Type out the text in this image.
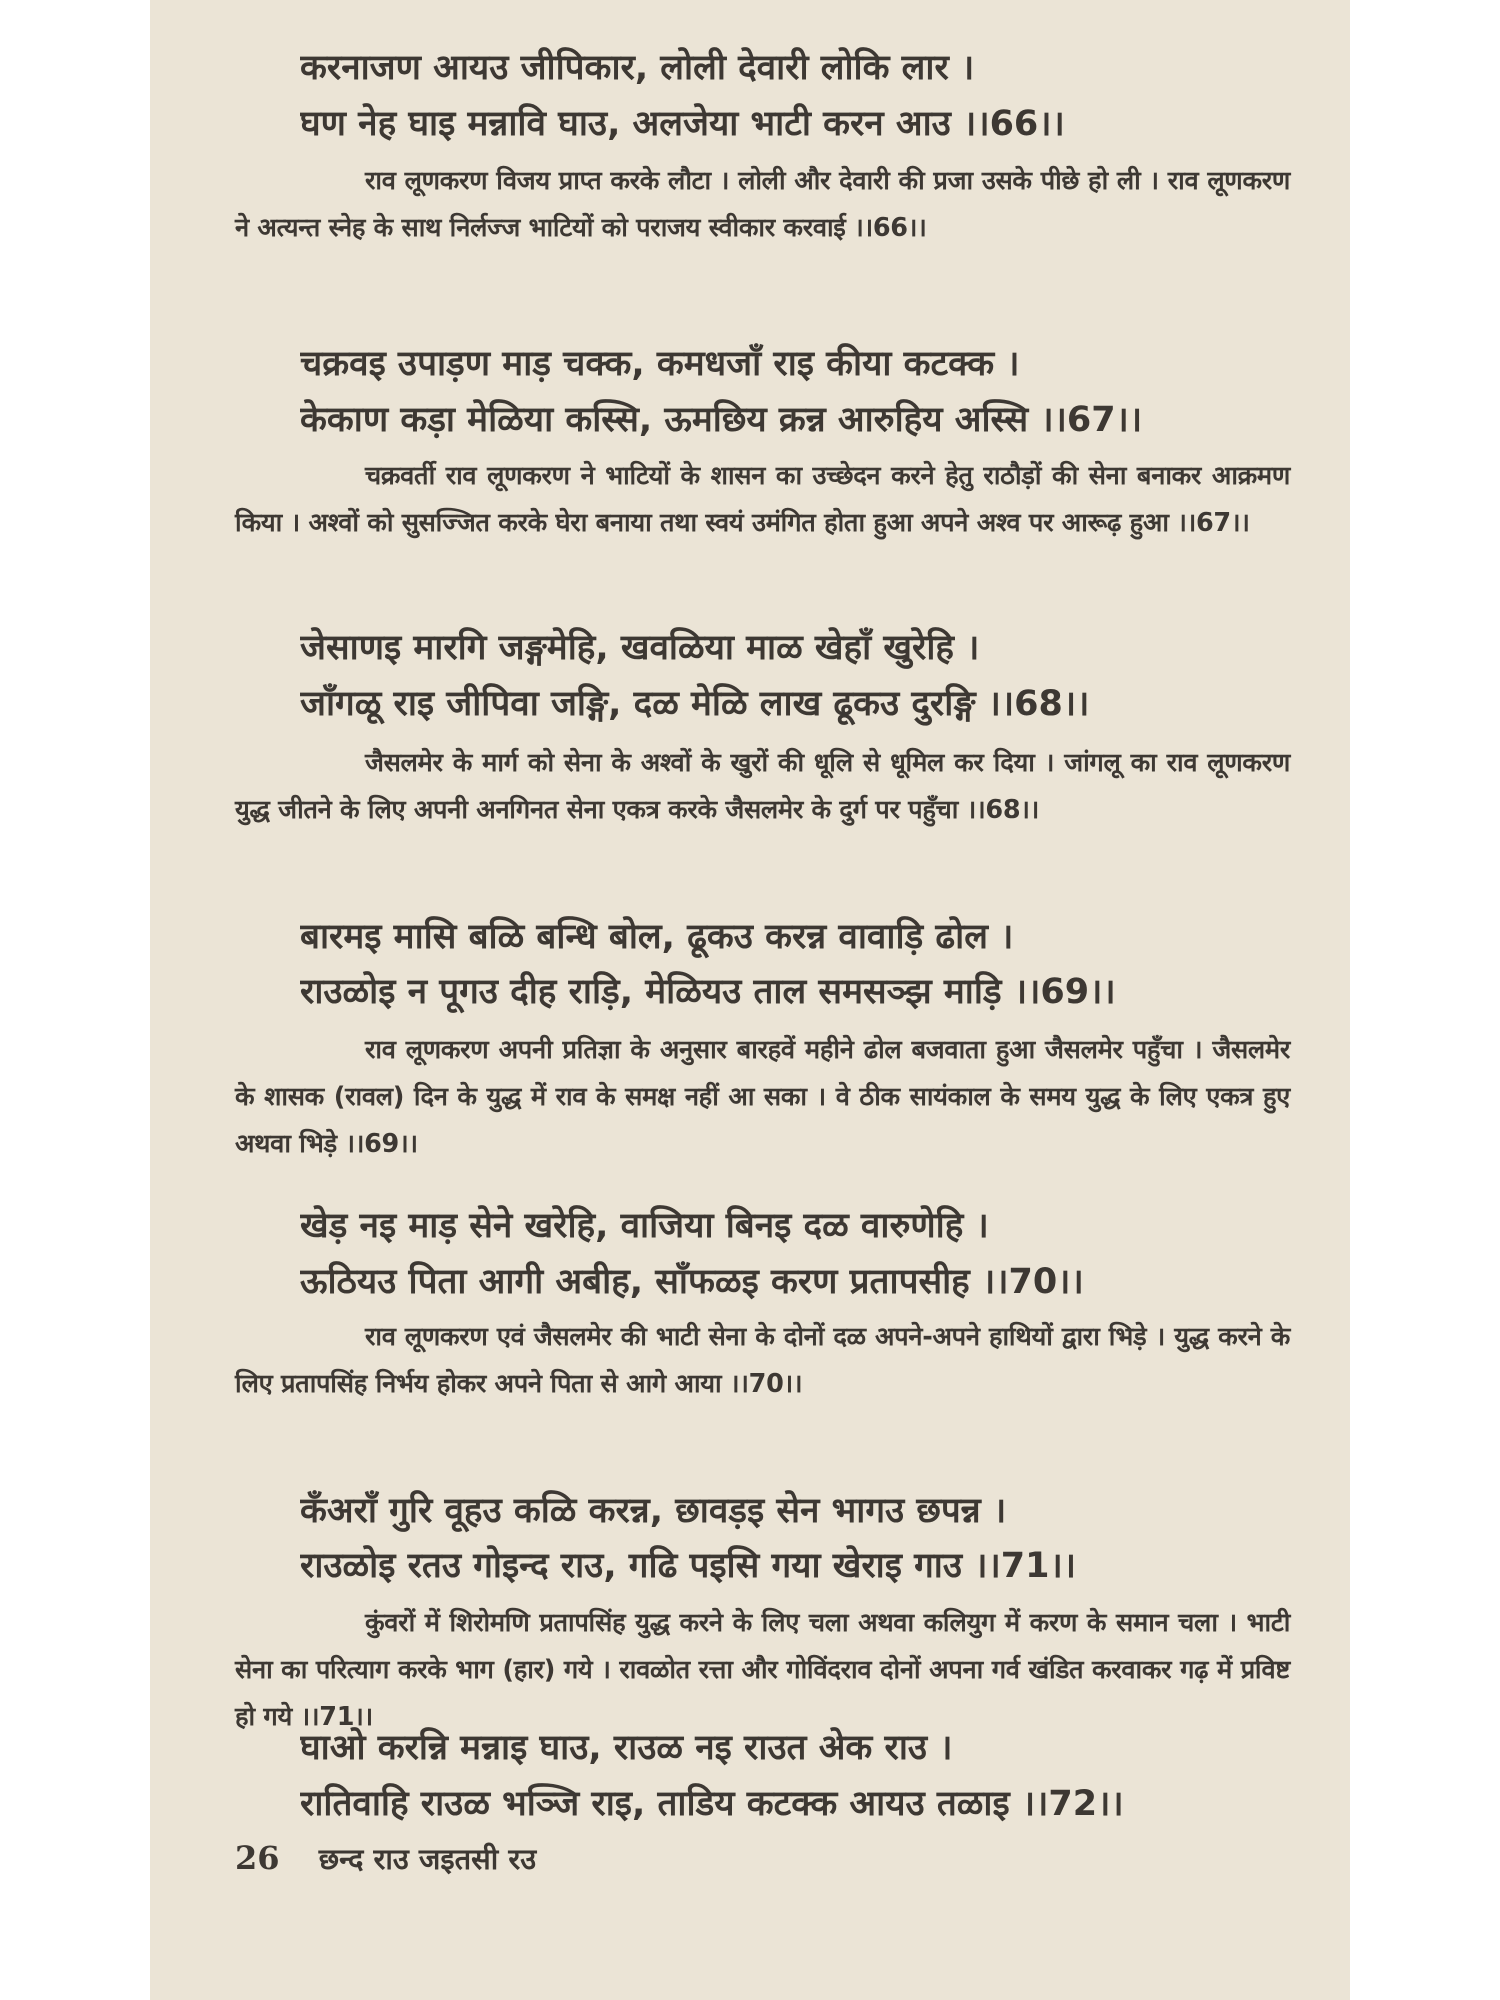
करनाजण आयउ जीपिकार, लोली देवारी लोकि लार ।
घण नेह घाइ मन्नावि घाउ, अलजेया भाटी करन आउ ।।66।।

राव लूणकरण विजय प्राप्त करके लौटा । लोली और देवारी की प्रजा उसके पीछे हो ली । राव लूणकरण ने अत्यन्त स्नेह के साथ निर्लज्ज भाटियों को पराजय स्वीकार करवाई ।।66।।

चक्रवइ उपाड़ण माड़ चक्क, कमधजाँ राइ कीया कटक्क ।
केकाण कड़ा मेळिया कस्सि, ऊमछिय क्रन्न आरुहिय अस्सि ।।67।।

चक्रवर्ती राव लूणकरण ने भाटियों के शासन का उच्छेदन करने हेतु राठौड़ों की सेना बनाकर आक्रमण किया । अश्वों को सुसज्जित करके घेरा बनाया तथा स्वयं उमंगित होता हुआ अपने अश्व पर आरूढ़ हुआ ।।67।।

जेसाणइ मारगि जङ्गमेहि, खवळिया माळ खेहाँ खुरेहि ।
जाँगळू राइ जीपिवा जङ्गि, दळ मेळि लाख ढूकउ दुरङ्गि ।।68।।

जैसलमेर के मार्ग को सेना के अश्वों के खुरों की धूलि से धूमिल कर दिया । जांगलू का राव लूणकरण युद्ध जीतने के लिए अपनी अनगिनत सेना एकत्र करके जैसलमेर के दुर्ग पर पहुँचा ।।68।।

बारमइ मासि बळि बन्धि बोल, ढूकउ करन्न वावाड़ि ढोल ।
राउळोइ न पूगउ दीह राड़ि, मेळियउ ताल समसञ्झ माड़ि ।।69।।

राव लूणकरण अपनी प्रतिज्ञा के अनुसार बारहवें महीने ढोल बजवाता हुआ जैसलमेर पहुँचा । जैसलमेर के शासक (रावल) दिन के युद्ध में राव के समक्ष नहीं आ सका । वे ठीक सायंकाल के समय युद्ध के लिए एकत्र हुए अथवा भिड़े ।।69।।

खेड़ नइ माड़ सेने खरेहि, वाजिया बिनइ दळ वारुणेहि ।
ऊठियउ पिता आगी अबीह, साँफळइ करण प्रतापसीह ।।70।।

राव लूणकरण एवं जैसलमेर की भाटी सेना के दोनों दळ अपने-अपने हाथियों द्वारा भिड़े । युद्ध करने के लिए प्रतापसिंह निर्भय होकर अपने पिता से आगे आया ।।70।।

कँअराँ गुरि वूहउ कळि करन्न, छावड़इ सेन भागउ छपन्न ।
राउळोइ रतउ गोइन्द राउ, गढि पइसि गया खेराइ गाउ ।।71।।

कुंवरों में शिरोमणि प्रतापसिंह युद्ध करने के लिए चला अथवा कलियुग में करण के समान चला । भाटी सेना का परित्याग करके भाग (हार) गये । रावळोत रत्ता और गोविंदराव दोनों अपना गर्व खंडित करवाकर गढ़ में प्रविष्ट हो गये ।।71।।

घाओ करन्नि मन्नाइ घाउ, राउळ नइ राउत अेक राउ ।
रातिवाहि राउळ भञ्जि राइ, ताडिय कटक्क आयउ तळाइ ।।72।।
26 छन्द राउ जइतसी रउ
